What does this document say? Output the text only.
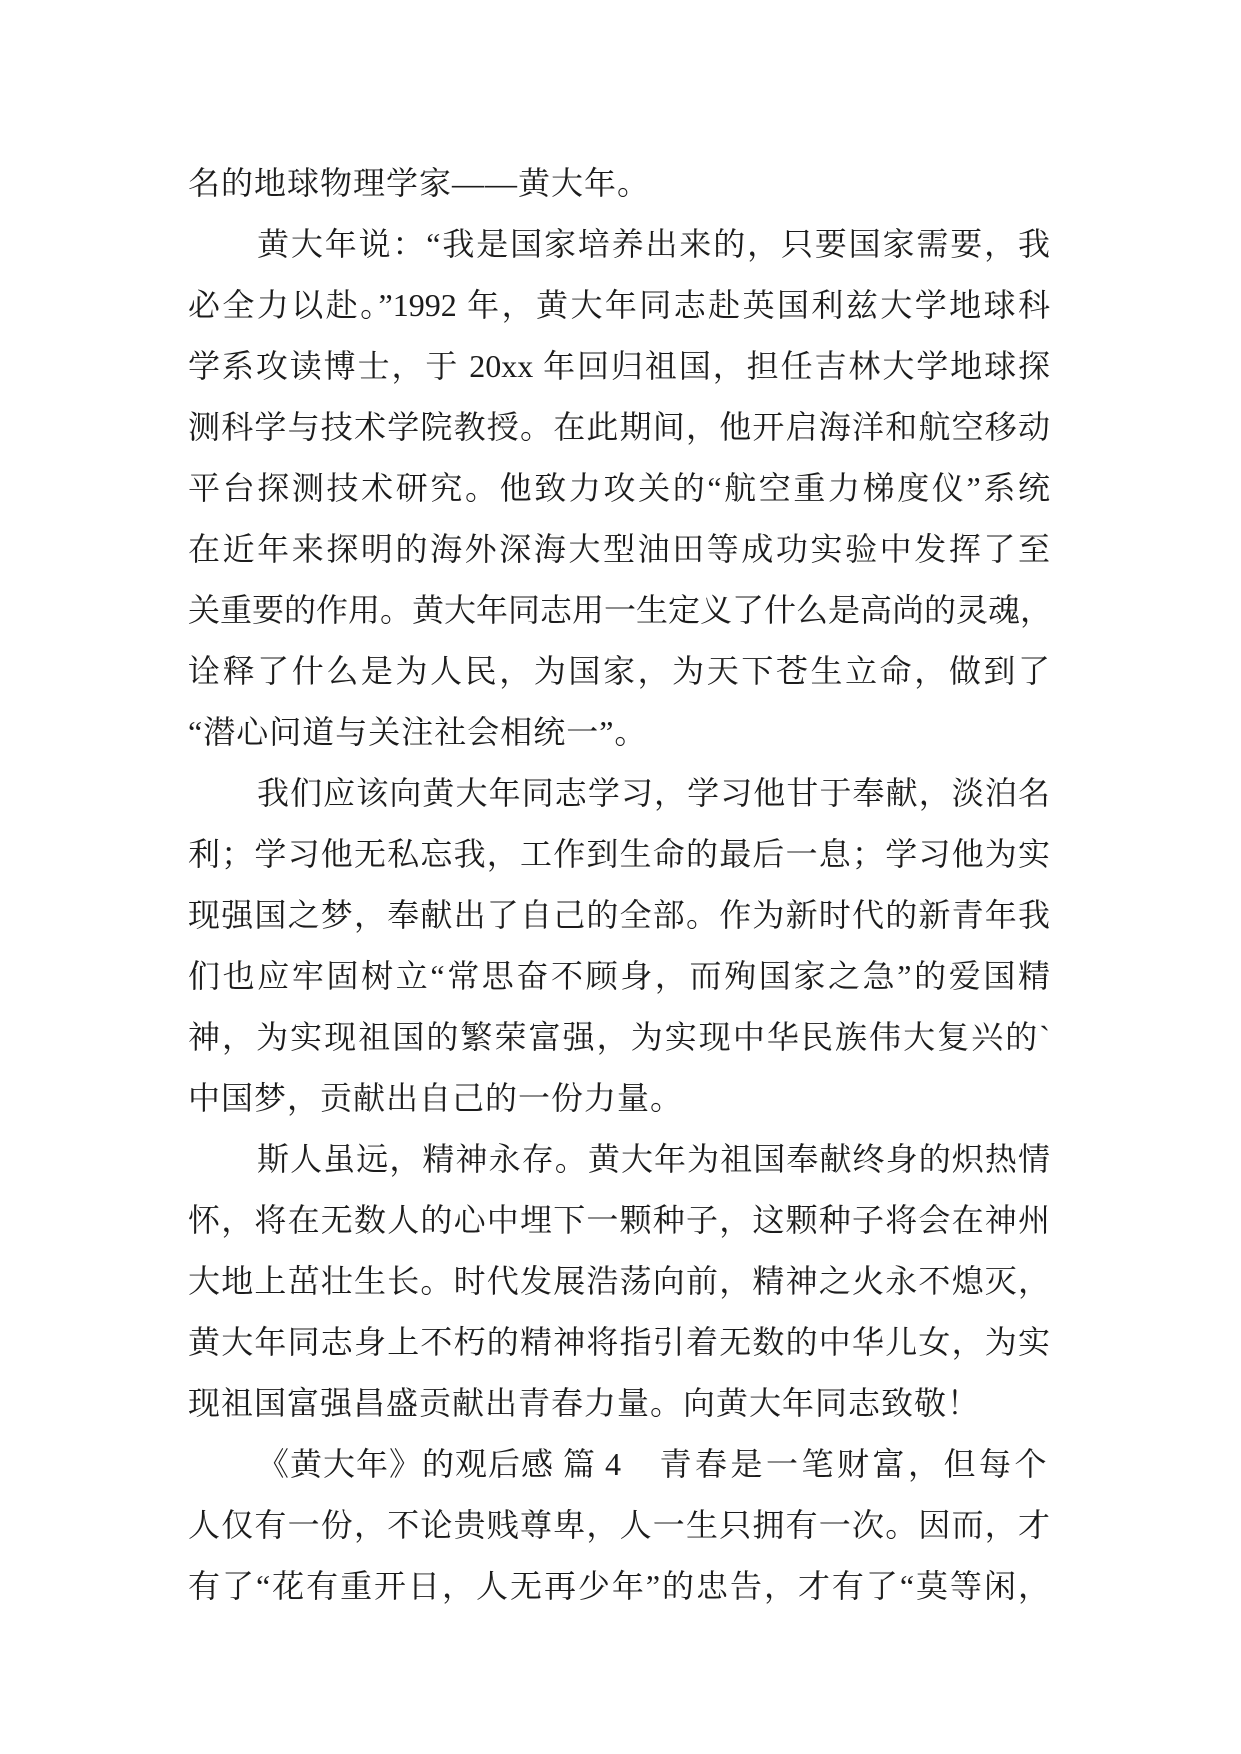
名的地球物理学家——黄大年。
黄大年说：“我是国家培养出来的，只要国家需要，我
必全力以赴。”1992 年，黄大年同志赴英国利兹大学地球科
学系攻读博士，于 20xx 年回归祖国，担任吉林大学地球探
测科学与技术学院教授。在此期间，他开启海洋和航空移动
平台探测技术研究。他致力攻关的“航空重力梯度仪”系统
在近年来探明的海外深海大型油田等成功实验中发挥了至
关重要的作用。黄大年同志用一生定义了什么是高尚的灵魂，
诠释了什么是为人民，为国家，为天下苍生立命，做到了
“潜心问道与关注社会相统一”。
我们应该向黄大年同志学习，学习他甘于奉献，淡泊名
利；学习他无私忘我，工作到生命的最后一息；学习他为实
现强国之梦，奉献出了自己的全部。作为新时代的新青年我
们也应牢固树立“常思奋不顾身，而殉国家之急”的爱国精
神，为实现祖国的繁荣富强，为实现中华民族伟大复兴的`
中国梦，贡献出自己的一份力量。
斯人虽远，精神永存。黄大年为祖国奉献终身的炽热情
怀，将在无数人的心中埋下一颗种子，这颗种子将会在神州
大地上茁壮生长。时代发展浩荡向前，精神之火永不熄灭，
黄大年同志身上不朽的精神将指引着无数的中华儿女，为实
现祖国富强昌盛贡献出青春力量。向黄大年同志致敬！
《黄大年》的观后感 篇 4 青春是一笔财富，但每个
人仅有一份，不论贵贱尊卑，人一生只拥有一次。因而，才
有了“花有重开日，人无再少年”的忠告，才有了“莫等闲，
